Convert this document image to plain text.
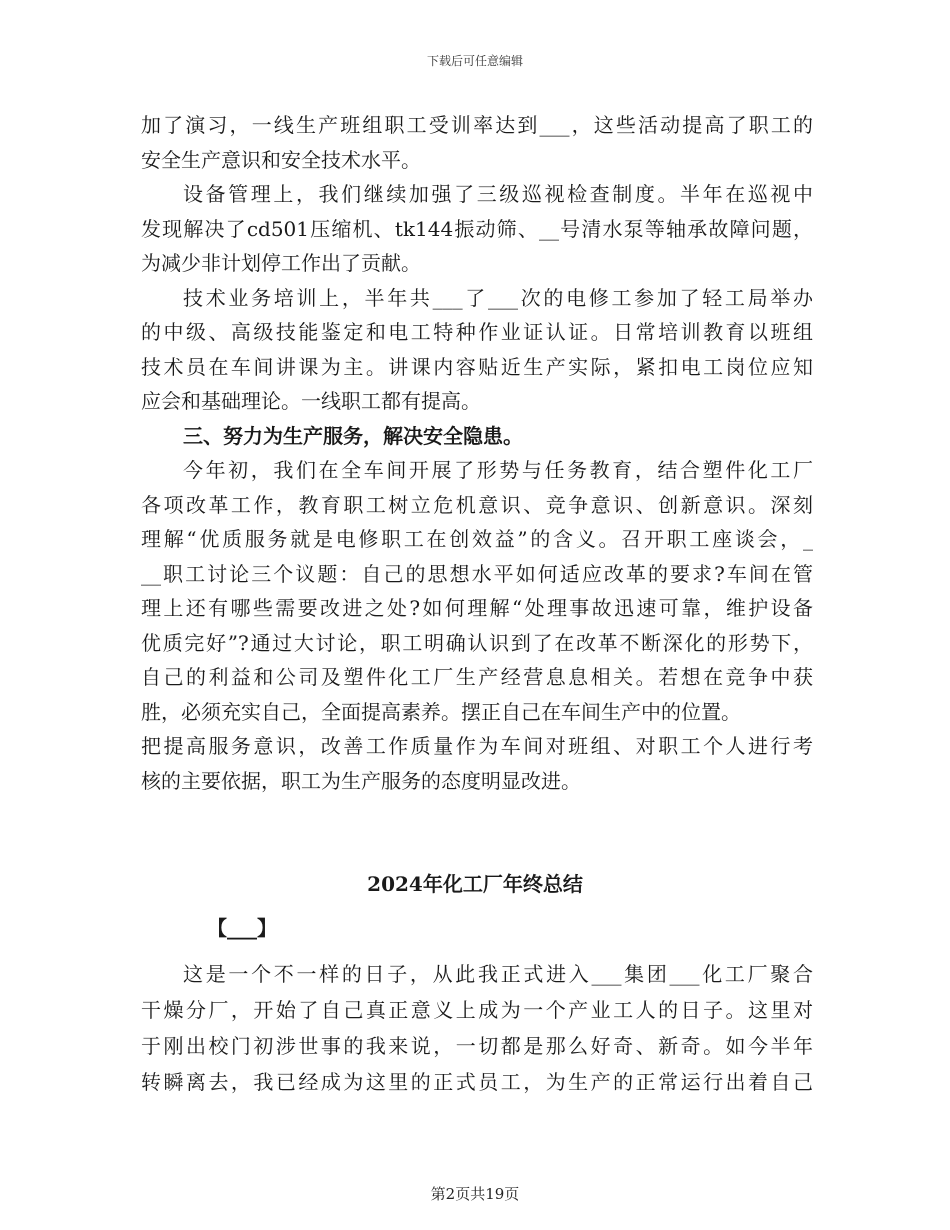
下载后可任意编辑
加了演习，一线生产班组职工受训率达到___，这些活动提高了职工的
安全生产意识和安全技术水平。
设备管理上，我们继续加强了三级巡视检查制度。半年在巡视中
发现解决了cd501压缩机、tk144振动筛、__号清水泵等轴承故障问题，
为减少非计划停工作出了贡献。
技术业务培训上，半年共___了___次的电修工参加了轻工局举办
的中级、高级技能鉴定和电工特种作业证认证。日常培训教育以班组
技术员在车间讲课为主。讲课内容贴近生产实际，紧扣电工岗位应知
应会和基础理论。一线职工都有提高。
三、努力为生产服务，解决安全隐患。
今年初，我们在全车间开展了形势与任务教育，结合塑件化工厂
各项改革工作，教育职工树立危机意识、竞争意识、创新意识。深刻
理解“优质服务就是电修职工在创效益”的含义。召开职工座谈会，_
__职工讨论三个议题：自己的思想水平如何适应改革的要求?车间在管
理上还有哪些需要改进之处?如何理解“处理事故迅速可靠，维护设备
优质完好”?通过大讨论，职工明确认识到了在改革不断深化的形势下，
自己的利益和公司及塑件化工厂生产经营息息相关。若想在竞争中获
胜，必须充实自己，全面提高素养。摆正自己在车间生产中的位置。
把提高服务意识，改善工作质量作为车间对班组、对职工个人进行考
核的主要依据，职工为生产服务的态度明显改进。
2024年化工厂年终总结
【___】
这是一个不一样的日子，从此我正式进入___集团___化工厂聚合
干燥分厂，开始了自己真正意义上成为一个产业工人的日子。这里对
于刚出校门初涉世事的我来说，一切都是那么好奇、新奇。如今半年
转瞬离去，我已经成为这里的正式员工，为生产的正常运行出着自己
第2页共19页
